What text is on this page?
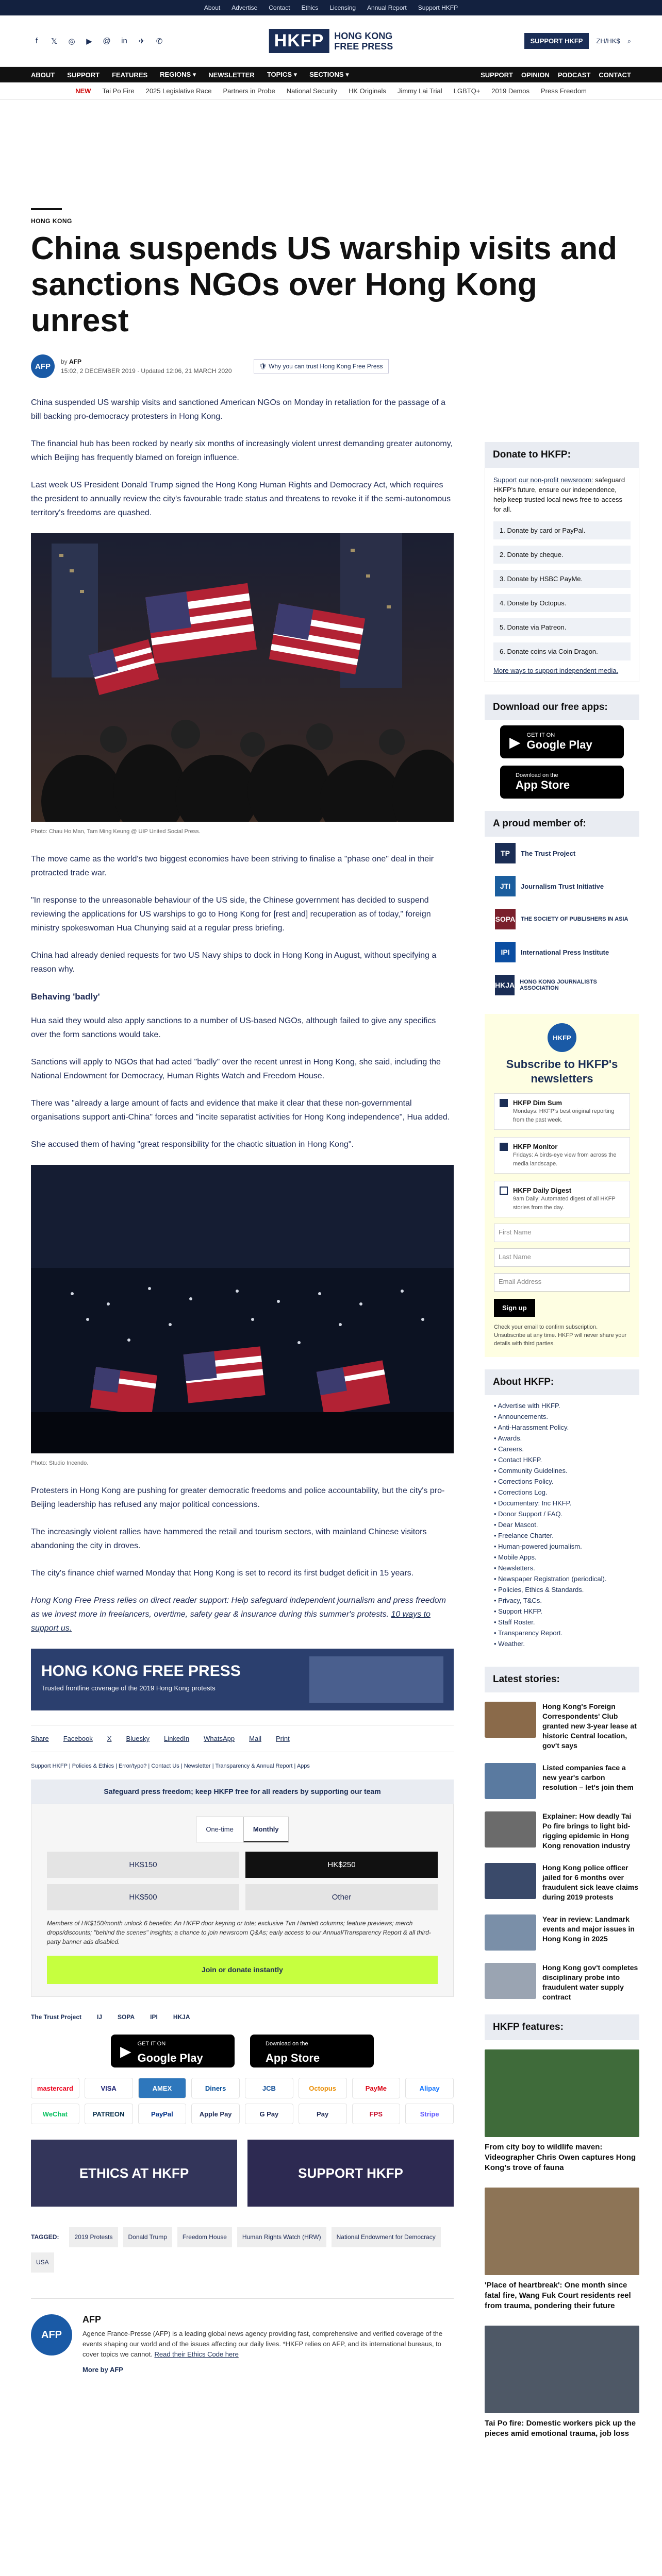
About Advertise Contact Ethics Licensing Annual Report Support HKFP
f	𝕏	◎	▶	@	in	✈	✆	HKFP	HONG KONG
FREE PRESS	SUPPORT HKFP	ZH/HK$ ⌕
ABOUT SUPPORT FEATURES REGIONS ▾ NEWSLETTER TOPICS ▾ SECTIONS ▾	SUPPORT OPINION PODCAST CONTACT
NEW Tai Po Fire 2025 Legislative Race Partners in Probe National Security HK Originals Jimmy Lai Trial LGBTQ+ 2019 Demos Press Freedom
HONG KONG
China suspends US warship visits and sanctions NGOs over Hong Kong unrest
AFP
by AFP
15:02, 2 DECEMBER 2019 · Updated 12:06, 21 MARCH 2020
🛡 Why you can trust Hong Kong Free Press

China suspended US warship visits and sanctioned American NGOs on Monday in retaliation for the passage of a bill backing pro-democracy protesters in Hong Kong.

The financial hub has been rocked by nearly six months of increasingly violent unrest demanding greater autonomy, which Beijing has frequently blamed on foreign influence.

Last week US President Donald Trump signed the Hong Kong Human Rights and Democracy Act, which requires the president to annually review the city's favourable trade status and threatens to revoke it if the semi-autonomous territory's freedoms are quashed.

Photo: Chau Ho Man, Tam Ming Keung @ UIP United Social Press.

The move came as the world's two biggest economies have been striving to finalise a "phase one" deal in their protracted trade war.

"In response to the unreasonable behaviour of the US side, the Chinese government has decided to suspend reviewing the applications for US warships to go to Hong Kong for [rest and] recuperation as of today," foreign ministry spokeswoman Hua Chunying said at a regular press briefing.

China had already denied requests for two US Navy ships to dock in Hong Kong in August, without specifying a reason why.

Behaving 'badly'

Hua said they would also apply sanctions to a number of US-based NGOs, although failed to give any specifics over the form sanctions would take.

Sanctions will apply to NGOs that had acted "badly" over the recent unrest in Hong Kong, she said, including the National Endowment for Democracy, Human Rights Watch and Freedom House.

There was "already a large amount of facts and evidence that make it clear that these non-governmental organisations support anti-China" forces and "incite separatist activities for Hong Kong independence", Hua added.

She accused them of having "great responsibility for the chaotic situation in Hong Kong".

Photo: Studio Incendo.

Protesters in Hong Kong are pushing for greater democratic freedoms and police accountability, but the city's pro-Beijing leadership has refused any major political concessions.

The increasingly violent rallies have hammered the retail and tourism sectors, with mainland Chinese visitors abandoning the city in droves.

The city's finance chief warned Monday that Hong Kong is set to record its first budget deficit in 15 years.

Hong Kong Free Press relies on direct reader support: Help safeguard independent journalism and press freedom as we invest more in freelancers, overtime, safety gear & insurance during this summer's protests. 10 ways to support us.

HONG KONG FREE PRESS
Trusted frontline coverage of the 2019 Hong Kong protests
Share Facebook X Bluesky LinkedIn WhatsApp Mail Print
Support HKFP | Policies & Ethics | Error/typo? | Contact Us | Newsletter | Transparency & Annual Report | Apps
Safeguard press freedom; keep HKFP free for all readers by supporting our team
One-time	Monthly
HK$150	HK$250
HK$500	Other
Members of HK$150/month unlock 6 benefits: An HKFP door keyring or tote; exclusive Tim Hamlett columns; feature previews; merch drops/discounts; "behind the scenes" insights; a chance to join newsroom Q&As; early access to our Annual/Transparency Report & all third-party banner ads disabled.
Join or donate instantly
The Trust Project	IJ	SOPA	IPI	HKJA
▶ GET IT ON
Google Play
Download on the
App Store
mastercard	VISA	AMEX	Diners	JCB	Octopus	PayMe	Alipay
WeChat	PATREON	PayPal	Apple Pay	G Pay	Pay	FPS	Stripe
ETHICS AT HKFP	SUPPORT HKFP
TAGGED:	2019 Protests	Donald Trump	Freedom House	Human Rights Watch (HRW)	National Endowment for Democracy
USA
AFP
AFP
Agence France-Presse (AFP) is a leading global news agency providing fast, comprehensive and verified coverage of the events shaping our world and of the issues affecting our daily lives. *HKFP relies on AFP, and its international bureaus, to cover topics we cannot. Read their Ethics Code here
More by AFP
Donate to HKFP:
Support our non-profit newsroom: safeguard HKFP's future, ensure our independence, help keep trusted local news free-to-access for all.
1. Donate by card or PayPal.
2. Donate by cheque.
3. Donate by HSBC PayMe.
4. Donate by Octopus.
5. Donate via Patreon.
6. Donate coins via Coin Dragon.
More ways to support independent media.
Download our free apps:
▶ GET IT ON
Google Play
Download on the
App Store
A proud member of:
TP	The Trust Project
JTI	Journalism Trust Initiative
SOPA THE SOCIETY OF PUBLISHERS IN ASIA
IPI	International Press Institute
HKJA HONG KONG JOURNALISTS ASSOCIATION
HKFP
Subscribe to HKFP's newsletters
HKFP Dim Sum
Mondays: HKFP's best original reporting from the past week.
HKFP Monitor
Fridays: A birds-eye view from across the media landscape.
HKFP Daily Digest
9am Daily: Automated digest of all HKFP stories from the day.
First Name
Last Name
Email Address
Sign up
Check your email to confirm subscription. Unsubscribe at any time. HKFP will never share your details with third parties.
About HKFP:
• Advertise with HKFP.
• Announcements.
• Anti-Harassment Policy.
• Awards.
• Careers.
• Contact HKFP.
• Community Guidelines.
• Corrections Policy.
• Corrections Log.
• Documentary: Inc HKFP.
• Donor Support / FAQ.
• Dear Mascot.
• Freelance Charter.
• Human-powered journalism.
• Mobile Apps.
• Newsletters.
• Newspaper Registration (periodical).
• Policies, Ethics & Standards.
• Privacy, T&Cs.
• Support HKFP.
• Staff Roster.
• Transparency Report.
• Weather.
Latest stories:
Hong Kong's Foreign Correspondents' Club granted new 3-year lease at historic Central location, gov't says
Listed companies face a new year's carbon resolution – let's join them
Explainer: How deadly Tai Po fire brings to light bid-rigging epidemic in Hong Kong renovation industry
Hong Kong police officer jailed for 6 months over fraudulent sick leave claims during 2019 protests
Year in review: Landmark events and major issues in Hong Kong in 2025
Hong Kong gov't completes disciplinary probe into fraudulent water supply contract
HKFP features:
From city boy to wildlife maven: Videographer Chris Owen captures Hong Kong's trove of fauna
'Place of heartbreak': One month since fatal fire, Wang Fuk Court residents reel from trauma, pondering their future
Tai Po fire: Domestic workers pick up the pieces amid emotional trauma, job loss
